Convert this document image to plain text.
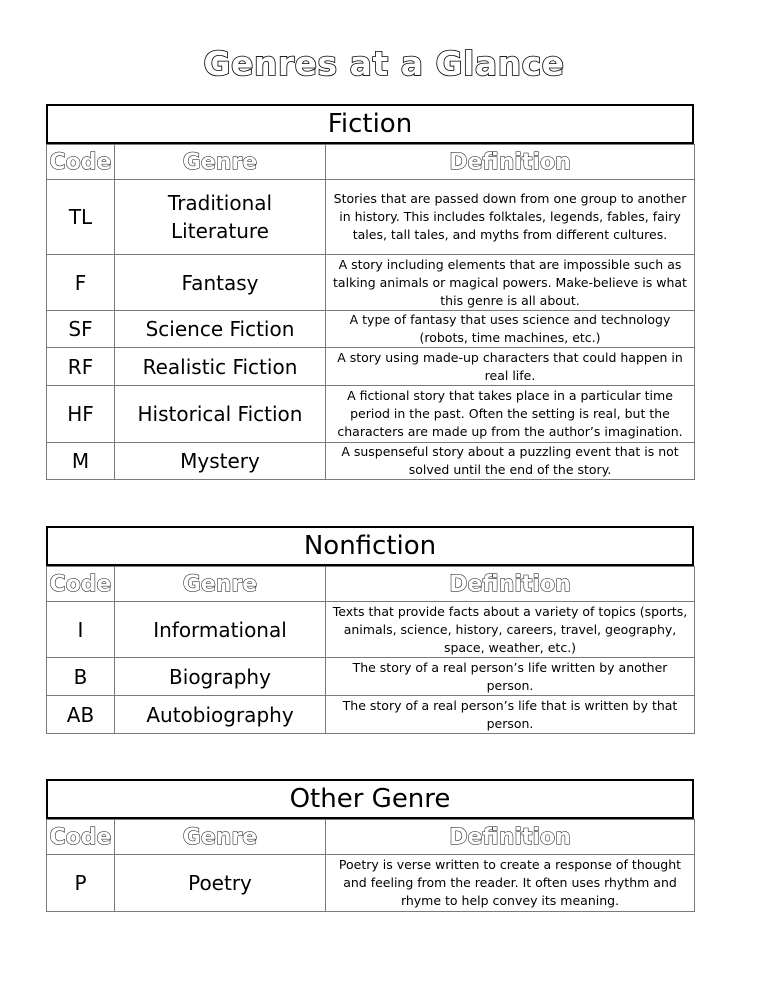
Genres at a Glance
Fiction
Code	Genre	Definition
TL	Traditional Literature	Stories that are passed down from one group to another in history. This includes folktales, legends, fables, fairy tales, tall tales, and myths from different cultures.
F	Fantasy	A story including elements that are impossible such as talking animals or magical powers. Make-believe is what this genre is all about.
SF	Science Fiction	A type of fantasy that uses science and technology (robots, time machines, etc.)
RF	Realistic Fiction	A story using made-up characters that could happen in real life.
HF	Historical Fiction	A fictional story that takes place in a particular time period in the past. Often the setting is real, but the characters are made up from the author’s imagination.
M	Mystery	A suspenseful story about a puzzling event that is not solved until the end of the story.
Nonfiction
Code	Genre	Definition
I	Informational	Texts that provide facts about a variety of topics (sports, animals, science, history, careers, travel, geography, space, weather, etc.)
B	Biography	The story of a real person’s life written by another person.
AB	Autobiography	The story of a real person’s life that is written by that person.
Other Genre
Code	Genre	Definition
P	Poetry	Poetry is verse written to create a response of thought and feeling from the reader. It often uses rhythm and rhyme to help convey its meaning.
